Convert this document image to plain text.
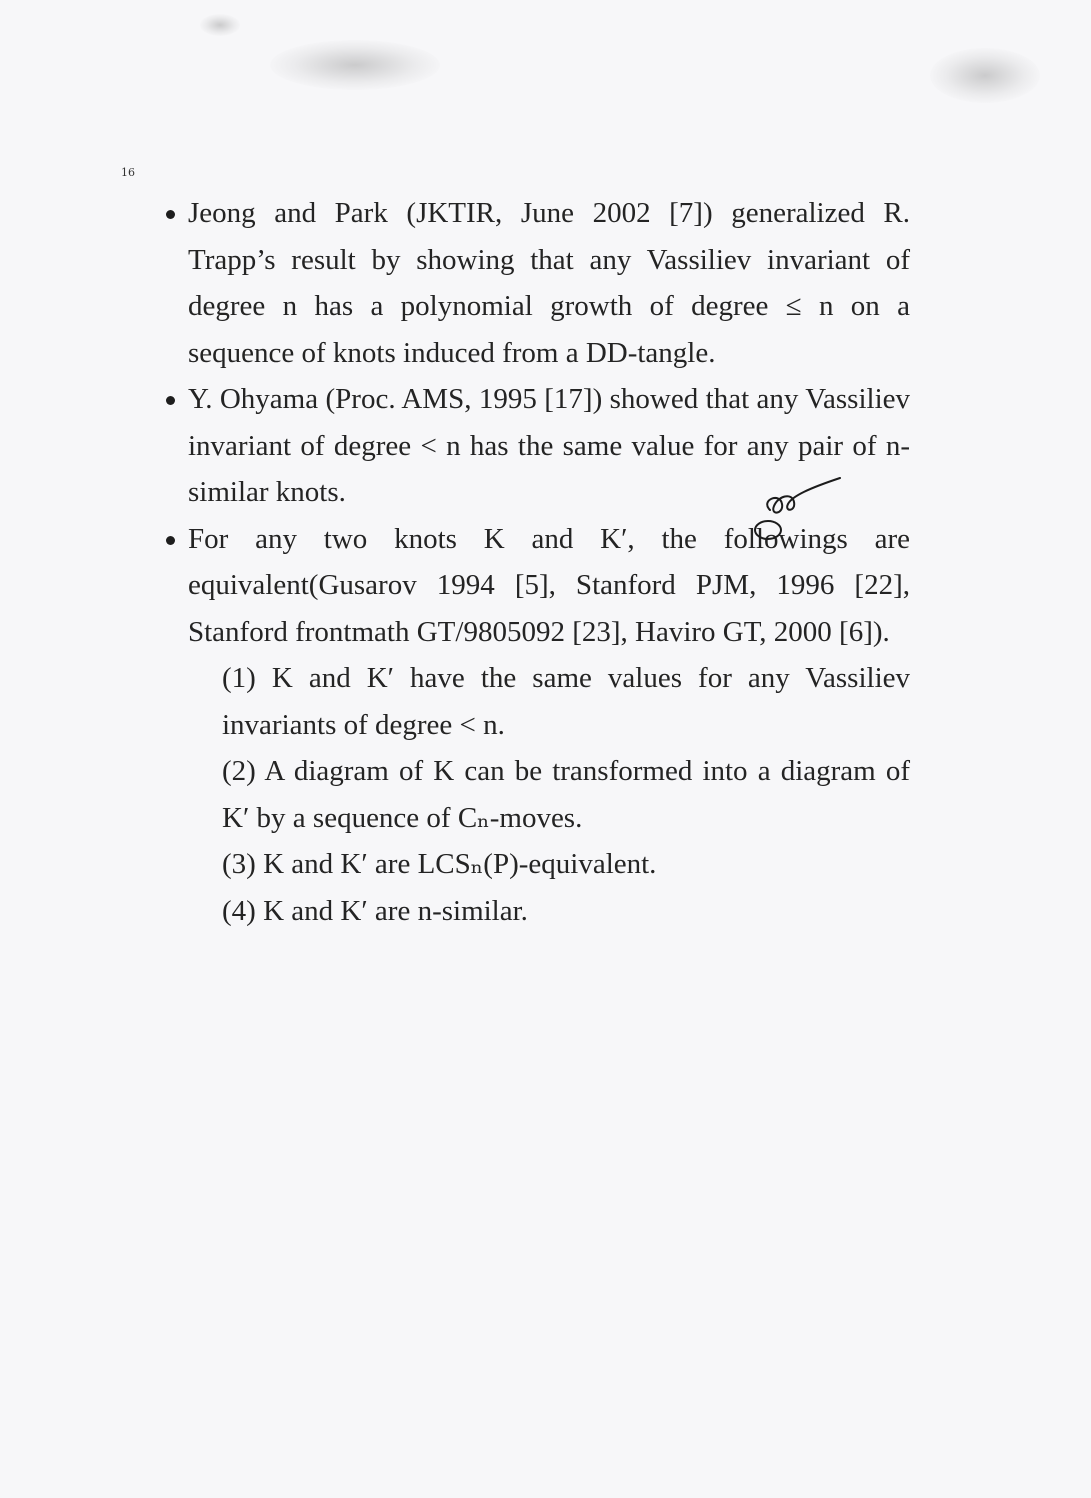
16
Jeong and Park (JKTIR, June 2002 [7]) generalized R. Trapp’s result by showing that any Vassiliev invariant of degree n has a polynomial growth of degree ≤ n on a sequence of knots induced from a DD-tangle.
Y. Ohyama (Proc. AMS, 1995 [17]) showed that any Vassiliev invariant of degree < n has the same value for any pair of n-similar knots.
For any two knots K and K′, the followings are equivalent(Gusarov 1994 [5], Stanford PJM, 1996 [22], Stanford frontmath GT/9805092 [23], Haviro GT, 2000 [6]).
(1) K and K′ have the same values for any Vassiliev invariants of degree < n.
(2) A diagram of K can be transformed into a diagram of K′ by a sequence of Cₙ-moves.
(3) K and K′ are LCSₙ(P)-equivalent.
(4) K and K′ are n-similar.
